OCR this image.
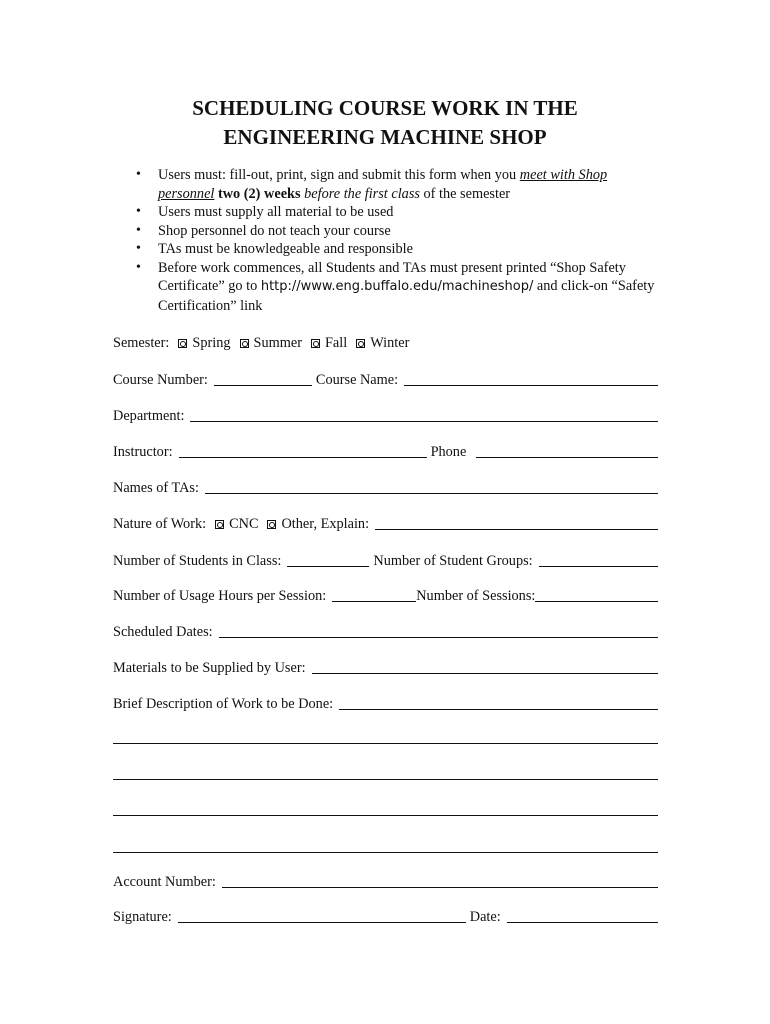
SCHEDULING COURSE WORK IN THE
ENGINEERING MACHINE SHOP
• Users must: fill-out, print, sign and submit this form when you meet with Shop personnel two (2) weeks before the first class of the semester
• Users must supply all material to be used
• Shop personnel do not teach your course
• TAs must be knowledgeable and responsible
• Before work commences, all Students and TAs must present printed “Shop Safety Certificate” go to http://www.eng.buffalo.edu/machineshop/ and click-on “Safety Certification” link
Semester: Spring Summer Fall Winter
Course Number:	Course Name:
Department:
Instructor:	Phone
Names of TAs:
Nature of Work: CNC Other, Explain:
Number of Students in Class:	Number of Student Groups:
Number of Usage Hours per Session:	Number of Sessions:
Scheduled Dates:
Materials to be Supplied by User:
Brief Description of Work to be Done:
Account Number:
Signature:	Date:
